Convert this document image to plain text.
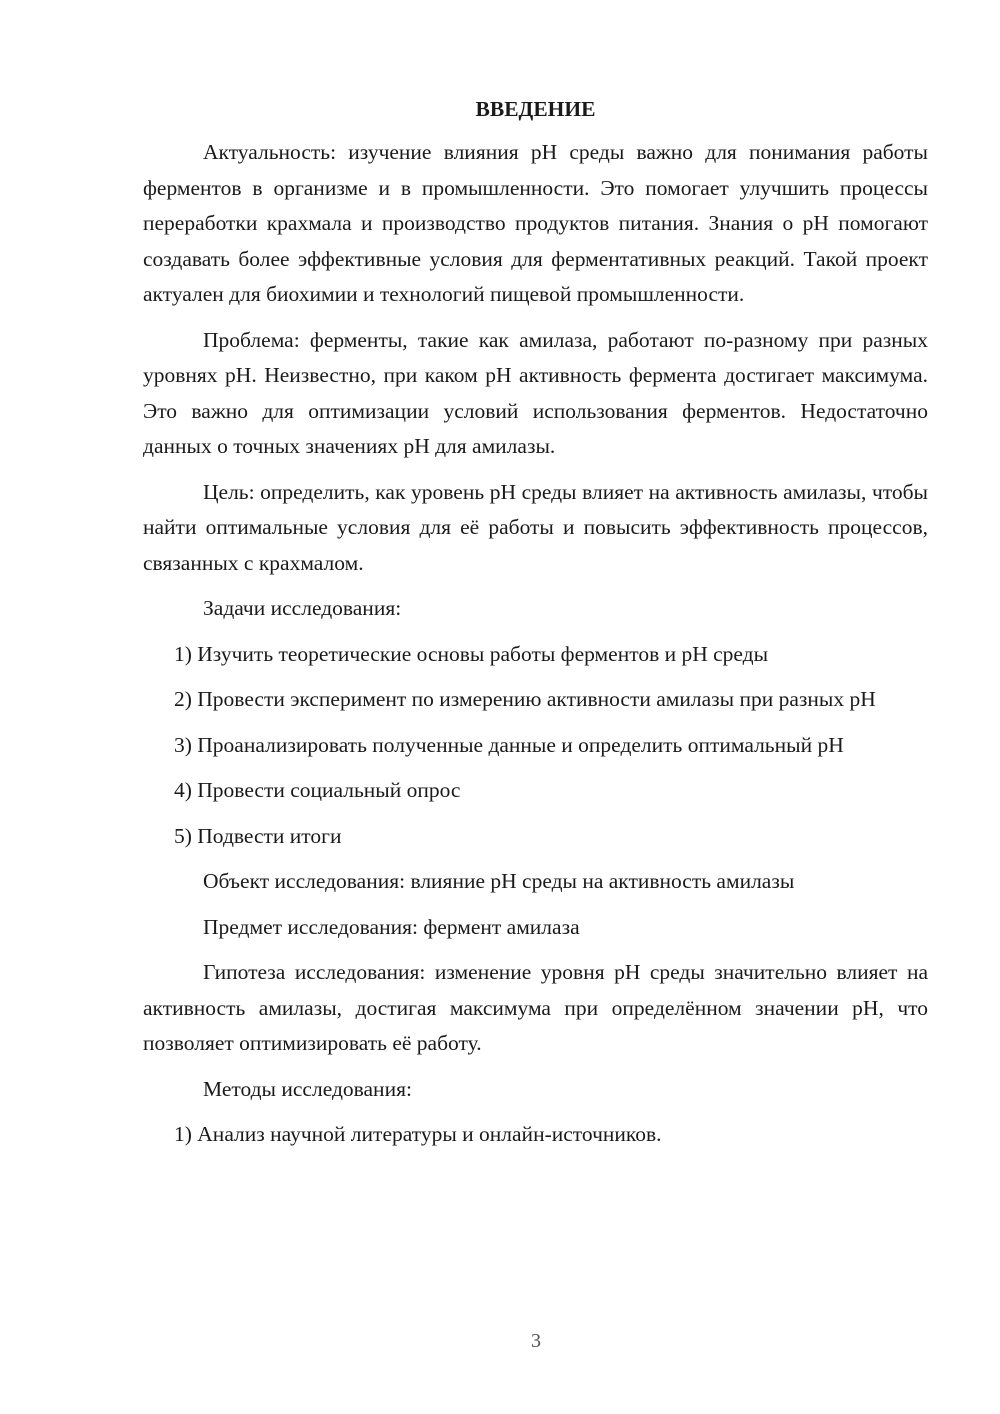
ВВЕДЕНИЕ

Актуальность: изучение влияния pH среды важно для понимания работы ферментов в организме и в промышленности. Это помогает улучшить процессы переработки крахмала и производство продуктов питания. Знания о pH помогают создавать более эффективные условия для ферментативных реакций. Такой проект актуален для биохимии и технологий пищевой промышленности.

Проблема: ферменты, такие как амилаза, работают по-разному при разных уровнях pH. Неизвестно, при каком pH активность фермента достигает максимума. Это важно для оптимизации условий использования ферментов. Недостаточно данных о точных значениях pH для амилазы.

Цель: определить, как уровень pH среды влияет на активность амилазы, чтобы найти оптимальные условия для её работы и повысить эффективность процессов, связанных с крахмалом.

Задачи исследования:

1) Изучить теоретические основы работы ферментов и pH среды

2) Провести эксперимент по измерению активности амилазы при разных pH

3) Проанализировать полученные данные и определить оптимальный pH

4) Провести социальный опрос

5) Подвести итоги

Объект исследования: влияние pH среды на активность амилазы

Предмет исследования: фермент амилаза

Гипотеза исследования: изменение уровня pH среды значительно влияет на активность амилазы, достигая максимума при определённом значении pH, что позволяет оптимизировать её работу.

Методы исследования:

1) Анализ научной литературы и онлайн-источников.

3
